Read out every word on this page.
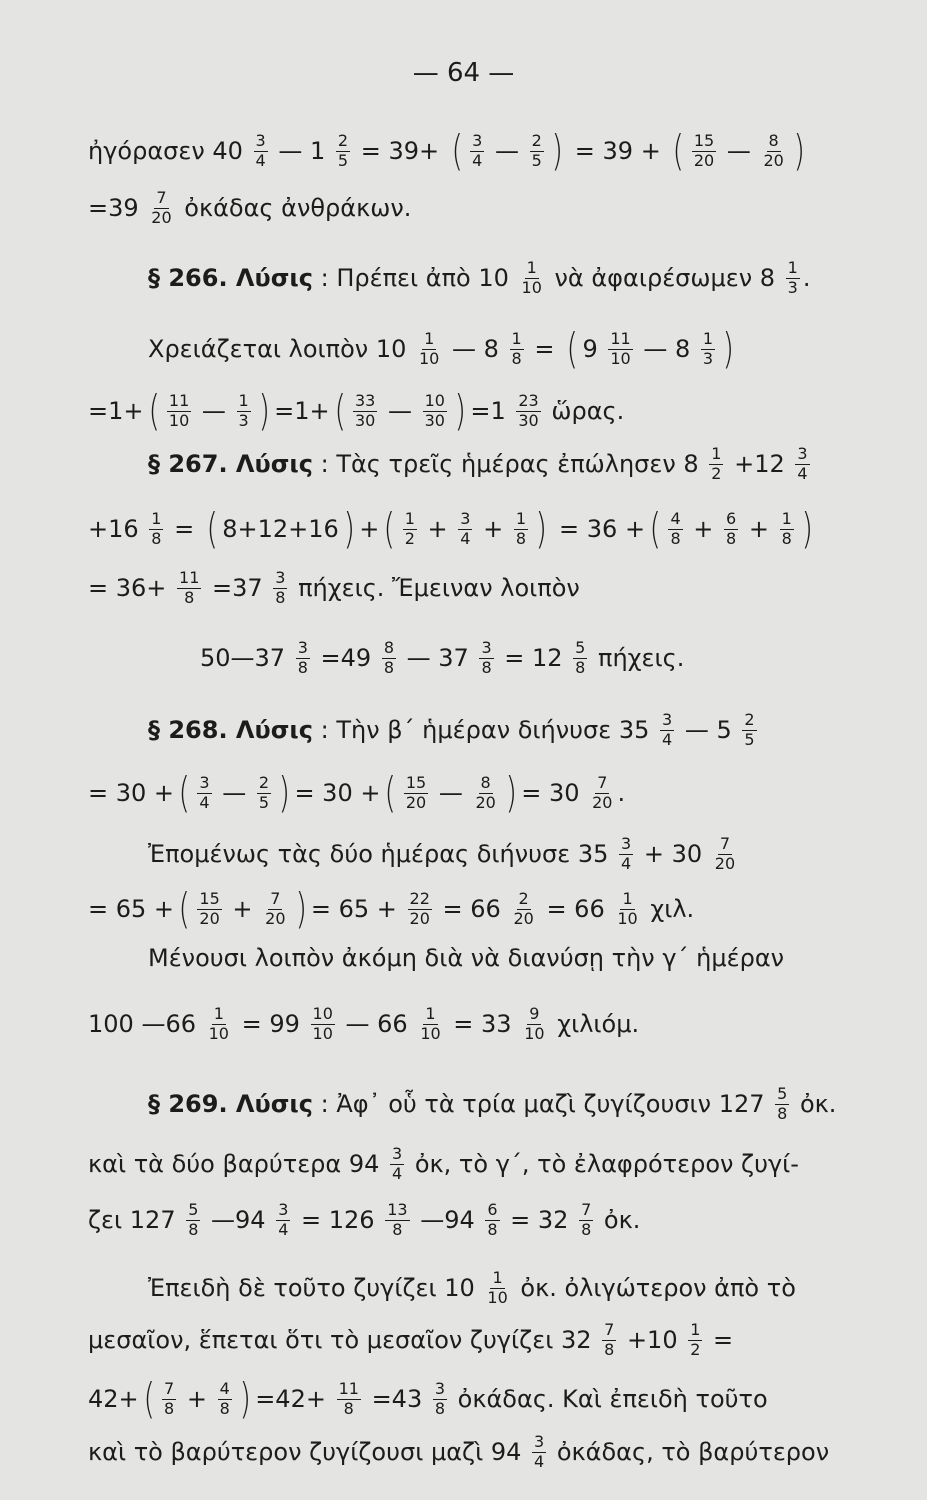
— 64 —
ἠγόρασεν $40 \frac{3}{4}$ — $1 \frac{2}{5} = 39+$ ( $\frac{3}{4}$ — $\frac{2}{5}$ ) = 39 + ( $\frac{15}{20}$ — $\frac{8}{20}$ )
$=39 \frac{7}{20}$ ὀκάδας ἀνθράκων.
§ 266. Λύσις : Πρέπει ἀπὸ $10 \frac{1}{10}$ νὰ ἀφαιρέσωμεν $8 \frac{1}{3}$ .
Χρειάζεται λοιπὸν $10 \frac{1}{10}$ — $8 \frac{1}{8}$ = ( $9 \frac{11}{10}$ — $8 \frac{1}{3}$ )
=1+ ( $\frac{11}{10}$ — $\frac{1}{3}$ ) =1+ ( $\frac{33}{30}$ — $\frac{10}{30}$ ) $=1 \frac{23}{30}$ ὥρας.
§ 267. Λύσις : Τὰς τρεῖς ἡμέρας ἐπώλησεν $8 \frac{1}{2} +12 \frac{3}{4}$
$+16 \frac{1}{8}$ = ( 8+12+16 ) + ( $\frac{1}{2} + \frac{3}{4} + \frac{1}{8}$ ) = 36 + ( $\frac{4}{8} + \frac{6}{8} + \frac{1}{8}$ )
= $36+ \frac{11}{8} =37 \frac{3}{8} \pi ή\chi\varepsilon\iota\varsigma$. Ἔμειναν λοιπὸν
50—37 $\frac{3}{8} =49 \frac{8}{8}$ — $37 \frac{3}{8} = 12 \frac{5}{8} \pi ή\chi\varepsilon\iota\varsigma$.
§ 268. Λύσις : Τὴν β΄ ἡμέραν διήνυσε $35 \frac{3}{4}$ — $5 \frac{2}{5}$
= 30 + ( $\frac{3}{4}$ — $\frac{2}{5}$ ) = 30 + ( $\frac{15}{20}$ — $\frac{8}{20}$ ) = $30 \frac{7}{20}$ .
Ἐπομένως τὰς δύο ἡμέρας διήνυσε $35 \frac{3}{4} + 30 \frac{7}{20}$
= 65 + ( $\frac{15}{20} + \frac{7}{20}$ ) = $65 + \frac{22}{20} = 66 \frac{2}{20} = 66 \frac{1}{10} \chi\iota\lambda$.
Μένουσι λοιπὸν ἀκόμη διὰ νὰ διανύσῃ τὴν γ΄ ἡμέραν
100 —66 $\frac{1}{10} = 99 \frac{10}{10}$ — $66 \frac{1}{10} = 33 \frac{9}{10} \chi\iota\lambda\iota ό\mu$.
§ 269. Λύσις : Ἀφ᾽ οὗ τὰ τρία μαζὶ ζυγίζουσιν $127 \frac{5}{8}$ ὀκ.
καὶ τὰ δύο βαρύτερα $94 \frac{3}{4}$ ὀκ, τὸ γ΄, τὸ ἐλαφρότερον ζυγί-
ζει $127 \frac{5}{8}$ —94 $\frac{3}{4} = 126 \frac{13}{8}$ —94 $\frac{6}{8} = 32 \frac{7}{8}$ ὀκ.
Ἐπειδὴ δὲ τοῦτο ζυγίζει $10 \frac{1}{10}$ ὀκ. ὀλιγώτερον ἀπὸ τὸ
μεσαῖον, ἕπεται ὅτι τὸ μεσαῖον ζυγίζει $32 \frac{7}{8} +10 \frac{1}{2}$ =
42+ ( $\frac{7}{8} + \frac{4}{8}$ ) $=42+ \frac{11}{8} =43 \frac{3}{8}$ ὀκάδας. Καὶ ἐπειδὴ τοῦτο
καὶ τὸ βαρύτερον ζυγίζουσι μαζὶ $94 \frac{3}{4}$ ὀκάδας, τὸ βαρύτερον
